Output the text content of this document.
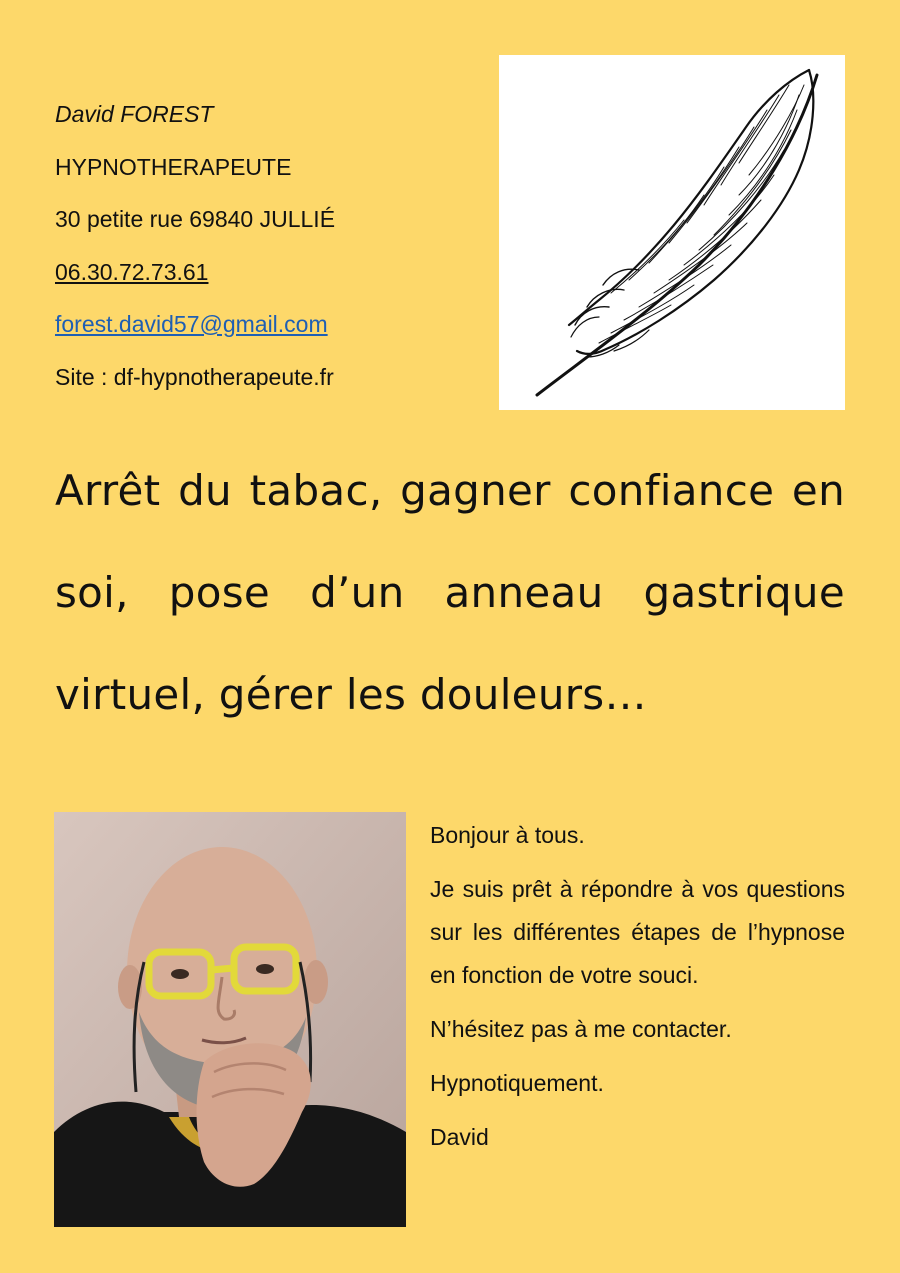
David FOREST
HYPNOTHERAPEUTE
30 petite rue 69840 JULLIÉ
06.30.72.73.61
forest.david57@gmail.com
Site : df-hypnotherapeute.fr
Arrêt du tabac, gagner confiance en soi, pose d’un anneau gastrique virtuel, gérer les douleurs…

Bonjour à tous.

Je suis prêt à répondre à vos questions sur les différentes étapes de l’hypnose en fonction de votre souci.

N’hésitez pas à me contacter.

Hypnotiquement.

David
